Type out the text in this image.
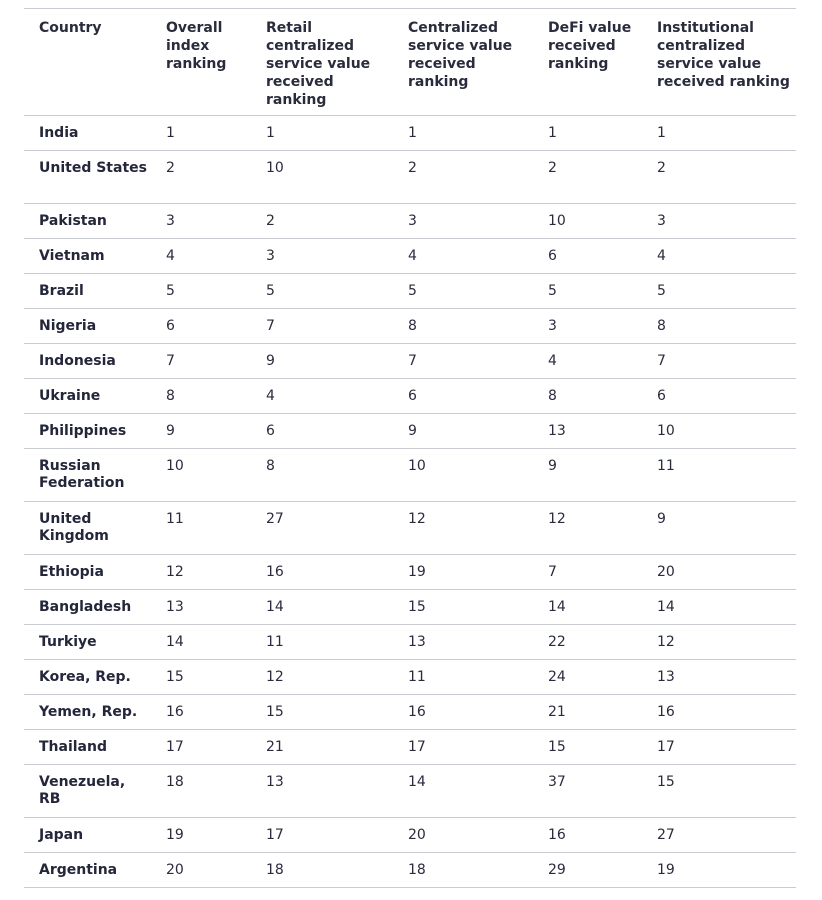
Country	Overall index ranking	Retail centralized service value received ranking	Centralized service value received ranking	DeFi value received ranking	Institutional centralized service value received ranking
India	1	1	1	1	1
United States	2	10	2	2	2
Pakistan	3	2	3	10	3
Vietnam	4	3	4	6	4
Brazil	5	5	5	5	5
Nigeria	6	7	8	3	8
Indonesia	7	9	7	4	7
Ukraine	8	4	6	8	6
Philippines	9	6	9	13	10
Russian Federation	10	8	10	9	11
United Kingdom	11	27	12	12	9
Ethiopia	12	16	19	7	20
Bangladesh	13	14	15	14	14
Turkiye	14	11	13	22	12
Korea, Rep.	15	12	11	24	13
Yemen, Rep.	16	15	16	21	16
Thailand	17	21	17	15	17
Venezuela, RB	18	13	14	37	15
Japan	19	17	20	16	27
Argentina	20	18	18	29	19
